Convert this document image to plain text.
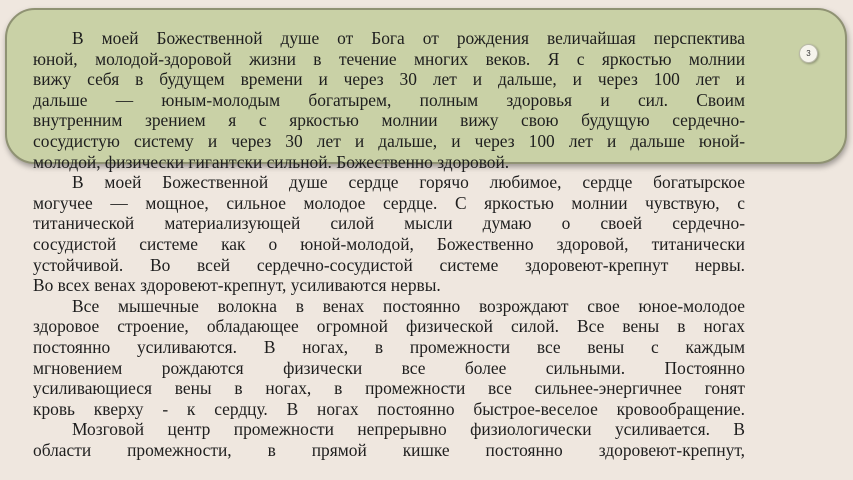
3
В моей Божественной душе от Бога от рождения величайшая перспектива
юной, молодой-здоровой жизни в течение многих веков. Я с яркостью молнии
вижу себя в будущем времени и через 30 лет и дальше, и через 100 лет и
дальше — юным-молодым богатырем, полным здоровья и сил. Своим
внутренним зрением я с яркостью молнии вижу свою будущую сердечно-
сосудистую систему и через 30 лет и дальше, и через 100 лет и дальше юной-
молодой, физически гигантски сильной. Божественно здоровой.
В моей Божественной душе сердце горячо любимое, сердце богатырское
могучее — мощное, сильное молодое сердце. С яркостью молнии чувствую, с
титанической материализующей силой мысли думаю о своей сердечно-
сосудистой системе как о юной-молодой, Божественно здоровой, титанически
устойчивой. Во всей сердечно-сосудистой системе здоровеют-крепнут нервы.
Во всех венах здоровеют-крепнут, усиливаются нервы.
Все мышечные волокна в венах постоянно возрождают свое юное-молодое
здоровое строение, обладающее огромной физической силой. Все вены в ногах
постоянно усиливаются. В ногах, в промежности все вены с каждым
мгновением рождаются физически все более сильными. Постоянно
усиливающиеся вены в ногах, в промежности все сильнее-энергичнее гонят
кровь кверху - к сердцу. В ногах постоянно быстрое-веселое кровообращение.
Мозговой центр промежности непрерывно физиологически усиливается. В
области промежности, в прямой кишке постоянно здоровеют-крепнут,
